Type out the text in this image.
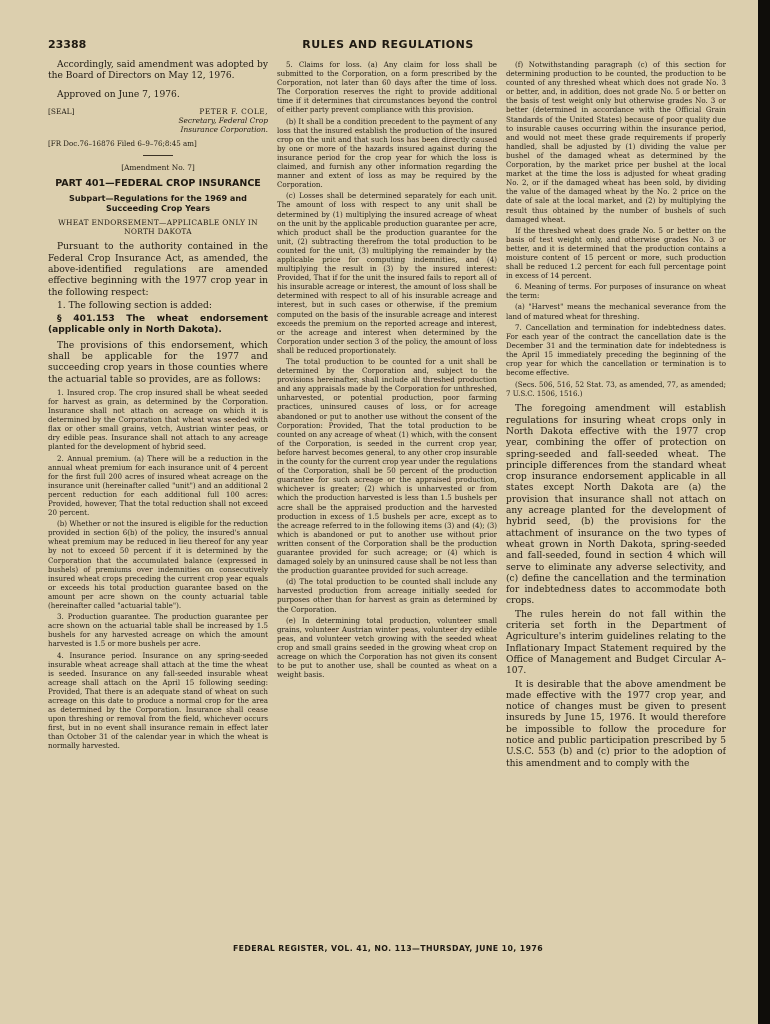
23388	RULES AND REGULATIONS

Accordingly, said amendment was adopted by the Board of Directors on May 12, 1976.

Approved on June 7, 1976.

[SEAL]	PETER F. COLE,
Secretary, Federal Crop
Insurance Corporation.

[FR Doc.76–16876 Filed 6–9–76;8:45 am]

[Amendment No. 7]
PART 401—FEDERAL CROP INSURANCE
Subpart—Regulations for the 1969 and Succeeding Crop Years
WHEAT ENDORSEMENT—APPLICABLE ONLY IN NORTH DAKOTA

Pursuant to the authority contained in the Federal Crop Insurance Act, as amended, the above-identified regulations are amended effective beginning with the 1977 crop year in the following respect:

1. The following section is added:

§ 401.153 The wheat endorsement (applicable only in North Dakota).

The provisions of this endorsement, which shall be applicable for the 1977 and succeeding crop years in those counties where the actuarial table so provides, are as follows:

1. Insured crop. The crop insured shall be wheat seeded for harvest as grain, as determined by the Corporation. Insurance shall not attach on acreage on which it is determined by the Corporation that wheat was seeded with flax or other small grains, vetch, Austrian winter peas, or dry edible peas. Insurance shall not attach to any acreage planted for the development of hybrid seed.

2. Annual premium. (a) There will be a reduction in the annual wheat premium for each insurance unit of 4 percent for the first full 200 acres of insured wheat acreage on the insurance unit (hereinafter called "unit") and an additional 2 percent reduction for each additional full 100 acres: Provided, however, That the total reduction shall not exceed 20 percent.

(b) Whether or not the insured is eligible for the reduction provided in section 6(b) of the policy, the insured's annual wheat premium may be reduced in lieu thereof for any year by not to exceed 50 percent if it is determined by the Corporation that the accumulated balance (expressed in bushels) of premiums over indemnities on consecutively insured wheat crops preceding the current crop year equals or exceeds his total production guarantee based on the amount per acre shown on the county actuarial table (hereinafter called "actuarial table").

3. Production guarantee. The production guarantee per acre shown on the actuarial table shall be increased by 1.5 bushels for any harvested acreage on which the amount harvested is 1.5 or more bushels per acre.

4. Insurance period. Insurance on any spring-seeded insurable wheat acreage shall attach at the time the wheat is seeded. Insurance on any fall-seeded insurable wheat acreage shall attach on the April 15 following seeding: Provided, That there is an adequate stand of wheat on such acreage on this date to produce a normal crop for the area as determined by the Corporation. Insurance shall cease upon threshing or removal from the field, whichever occurs first, but in no event shall insurance remain in effect later than October 31 of the calendar year in which the wheat is normally harvested.

5. Claims for loss. (a) Any claim for loss shall be submitted to the Corporation, on a form prescribed by the Corporation, not later than 60 days after the time of loss. The Corporation reserves the right to provide additional time if it determines that circumstances beyond the control of either party prevent compliance with this provision.

(b) It shall be a condition precedent to the payment of any loss that the insured establish the production of the insured crop on the unit and that such loss has been directly caused by one or more of the hazards insured against during the insurance period for the crop year for which the loss is claimed, and furnish any other information regarding the manner and extent of loss as may be required by the Corporation.

(c) Losses shall be determined separately for each unit. The amount of loss with respect to any unit shall be determined by (1) multiplying the insured acreage of wheat on the unit by the applicable production guarantee per acre, which product shall be the production guarantee for the unit, (2) subtracting therefrom the total production to be counted for the unit, (3) multiplying the remainder by the applicable price for computing indemnities, and (4) multiplying the result in (3) by the insured interest: Provided, That if for the unit the insured fails to report all of his insurable acreage or interest, the amount of loss shall be determined with respect to all of his insurable acreage and interest, but in such cases or otherwise, if the premium computed on the basis of the insurable acreage and interest exceeds the premium on the reported acreage and interest, or the acreage and interest when determined by the Corporation under section 3 of the policy, the amount of loss shall be reduced proportionately.

The total production to be counted for a unit shall be determined by the Corporation and, subject to the provisions hereinafter, shall include all threshed production and any appraisals made by the Corporation for unthreshed, unharvested, or potential production, poor farming practices, uninsured causes of loss, or for acreage abandoned or put to another use without the consent of the Corporation: Provided, That the total production to be counted on any acreage of wheat (1) which, with the consent of the Corporation, is seeded in the current crop year, before harvest becomes general, to any other crop insurable in the county for the current crop year under the regulations of the Corporation, shall be 50 percent of the production guarantee for such acreage or the appraised production, whichever is greater; (2) which is unharvested or from which the production harvested is less than 1.5 bushels per acre shall be the appraised production and the harvested production in excess of 1.5 bushels per acre, except as to the acreage referred to in the following items (3) and (4); (3) which is abandoned or put to another use without prior written consent of the Corporation shall be the production guarantee provided for such acreage; or (4) which is damaged solely by an uninsured cause shall be not less than the production guarantee provided for such acreage.

(d) The total production to be counted shall include any harvested production from acreage initially seeded for purposes other than for harvest as grain as determined by the Corporation.

(e) In determining total production, volunteer small grains, volunteer Austrian winter peas, volunteer dry edible peas, and volunteer vetch growing with the seeded wheat crop and small grains seeded in the growing wheat crop on acreage on which the Corporation has not given its consent to be put to another use, shall be counted as wheat on a weight basis.

(f) Notwithstanding paragraph (c) of this section for determining production to be counted, the production to be counted of any threshed wheat which does not grade No. 3 or better, and, in addition, does not grade No. 5 or better on the basis of test weight only but otherwise grades No. 3 or better (determined in accordance with the Official Grain Standards of the United States) because of poor quality due to insurable causes occurring within the insurance period, and would not meet these grade requirements if properly handled, shall be adjusted by (1) dividing the value per bushel of the damaged wheat as determined by the Corporation, by the market price per bushel at the local market at the time the loss is adjusted for wheat grading No. 2, or if the damaged wheat has been sold, by dividing the value of the damaged wheat by the No. 2 price on the date of sale at the local market, and (2) by multiplying the result thus obtained by the number of bushels of such damaged wheat.

If the threshed wheat does grade No. 5 or better on the basis of test weight only, and otherwise grades No. 3 or better, and it is determined that the production contains a moisture content of 15 percent or more, such production shall be reduced 1.2 percent for each full percentage point in excess of 14 percent.

6. Meaning of terms. For purposes of insurance on wheat the term:

(a) "Harvest" means the mechanical severance from the land of matured wheat for threshing.

7. Cancellation and termination for indebtedness dates. For each year of the contract the cancellation date is the December 31 and the termination date for indebtedness is the April 15 immediately preceding the beginning of the crop year for which the cancellation or termination is to become effective.

(Secs. 506, 516, 52 Stat. 73, as amended, 77, as amended; 7 U.S.C. 1506, 1516.)

The foregoing amendment will establish regulations for insuring wheat crops only in North Dakota effective with the 1977 crop year, combining the offer of protection on spring-seeded and fall-seeded wheat. The principle differences from the standard wheat crop insurance endorsement applicable in all states except North Dakota are (a) the provision that insurance shall not attach on any acreage planted for the development of hybrid seed, (b) the provisions for the attachment of insurance on the two types of wheat grown in North Dakota, spring-seeded and fall-seeded, found in section 4 which will serve to eliminate any adverse selectivity, and (c) define the cancellation and the termination for indebtedness dates to accommodate both crops.

The rules herein do not fall within the criteria set forth in the Department of Agriculture's interim guidelines relating to the Inflationary Impact Statement required by the Office of Management and Budget Circular A–107.

It is desirable that the above amendment be made effective with the 1977 crop year, and notice of changes must be given to present insureds by June 15, 1976. It would therefore be impossible to follow the procedure for notice and public participation prescribed by 5 U.S.C. 553 (b) and (c) prior to the adoption of this amendment and to comply with the

FEDERAL REGISTER, VOL. 41, NO. 113—THURSDAY, JUNE 10, 1976
